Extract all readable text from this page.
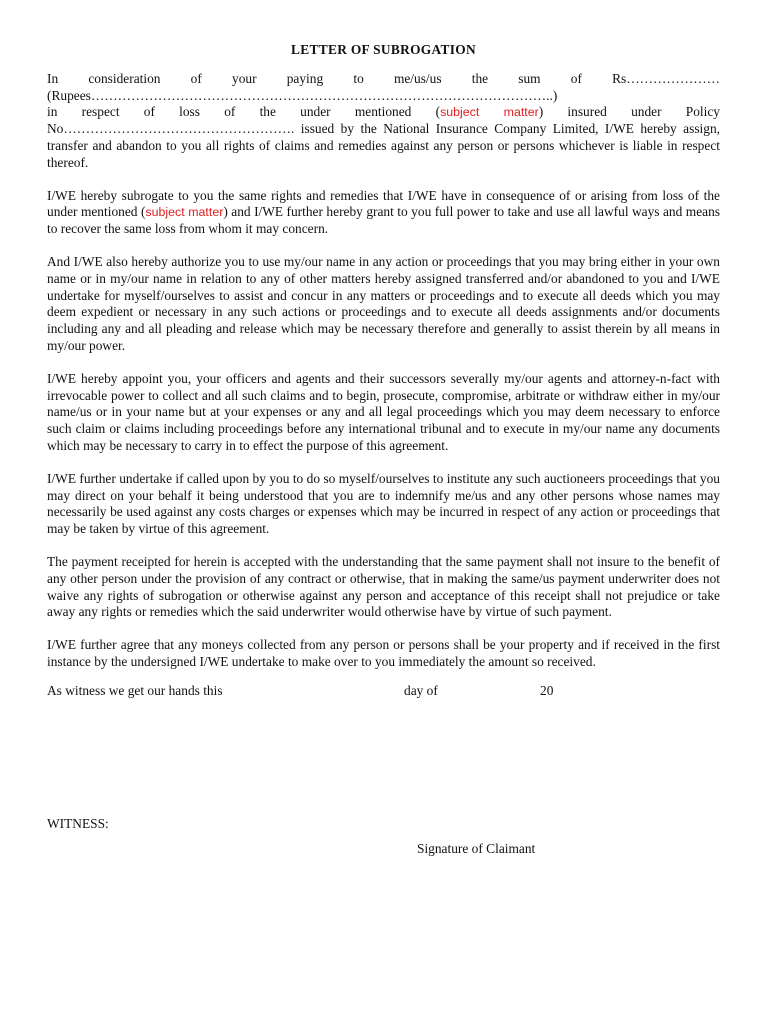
LETTER OF SUBROGATION

In consideration of your paying to me/us/us the sum of Rs…………………
(Rupees…………………………………………………………………………………………..)
in respect of loss of the under mentioned (subject matter) insured under Policy
No……………………………………………. issued by the National Insurance Company Limited, I/WE hereby assign, transfer and abandon to you all rights of claims and remedies against any person or persons whichever is liable in respect thereof.

I/WE hereby subrogate to you the same rights and remedies that I/WE have in consequence of or arising from loss of the under mentioned (subject matter) and I/WE further hereby grant to you full power to take and use all lawful ways and means to recover the same loss from whom it may concern.

And I/WE also hereby authorize you to use my/our name in any action or proceedings that you may bring either in your own name or in my/our name in relation to any of other matters hereby assigned transferred and/or abandoned to you and I/WE undertake for myself/ourselves to assist and concur in any matters or proceedings and to execute all deeds which you may deem expedient or necessary in any such actions or proceedings and to execute all deeds assignments and/or documents including any and all pleading and release which may be necessary therefore and generally to assist therein by all means in my/our power.

I/WE hereby appoint you, your officers and agents and their successors severally my/our agents and attorney-n-fact with irrevocable power to collect and all such claims and to begin, prosecute, compromise, arbitrate or withdraw either in my/our name/us or in your name but at your expenses or any and all legal proceedings which you may deem necessary to enforce such claim or claims including proceedings before any international tribunal and to execute in my/our name any documents which may be necessary to carry in to effect the purpose of this agreement.

I/WE further undertake if called upon by you to do so myself/ourselves to institute any such auctioneers proceedings that you may direct on your behalf it being understood that you are to indemnify me/us and any other persons whose names may necessarily be used against any costs charges or expenses which may be incurred in respect of any action or proceedings that may be taken by virtue of this agreement.

The payment receipted for herein is accepted with the understanding that the same payment shall not insure to the benefit of any other person under the provision of any contract or otherwise, that in making the same/us payment underwriter does not waive any rights of subrogation or otherwise against any person and acceptance of this receipt shall not prejudice or take away any rights or remedies which the said underwriter would otherwise have by virtue of such payment.

I/WE further agree that any moneys collected from any person or persons shall be your property and if received in the first instance by the undersigned I/WE undertake to make over to you immediately the amount so received.

As witness we get our hands this	day of	20
WITNESS:
Signature of Claimant
